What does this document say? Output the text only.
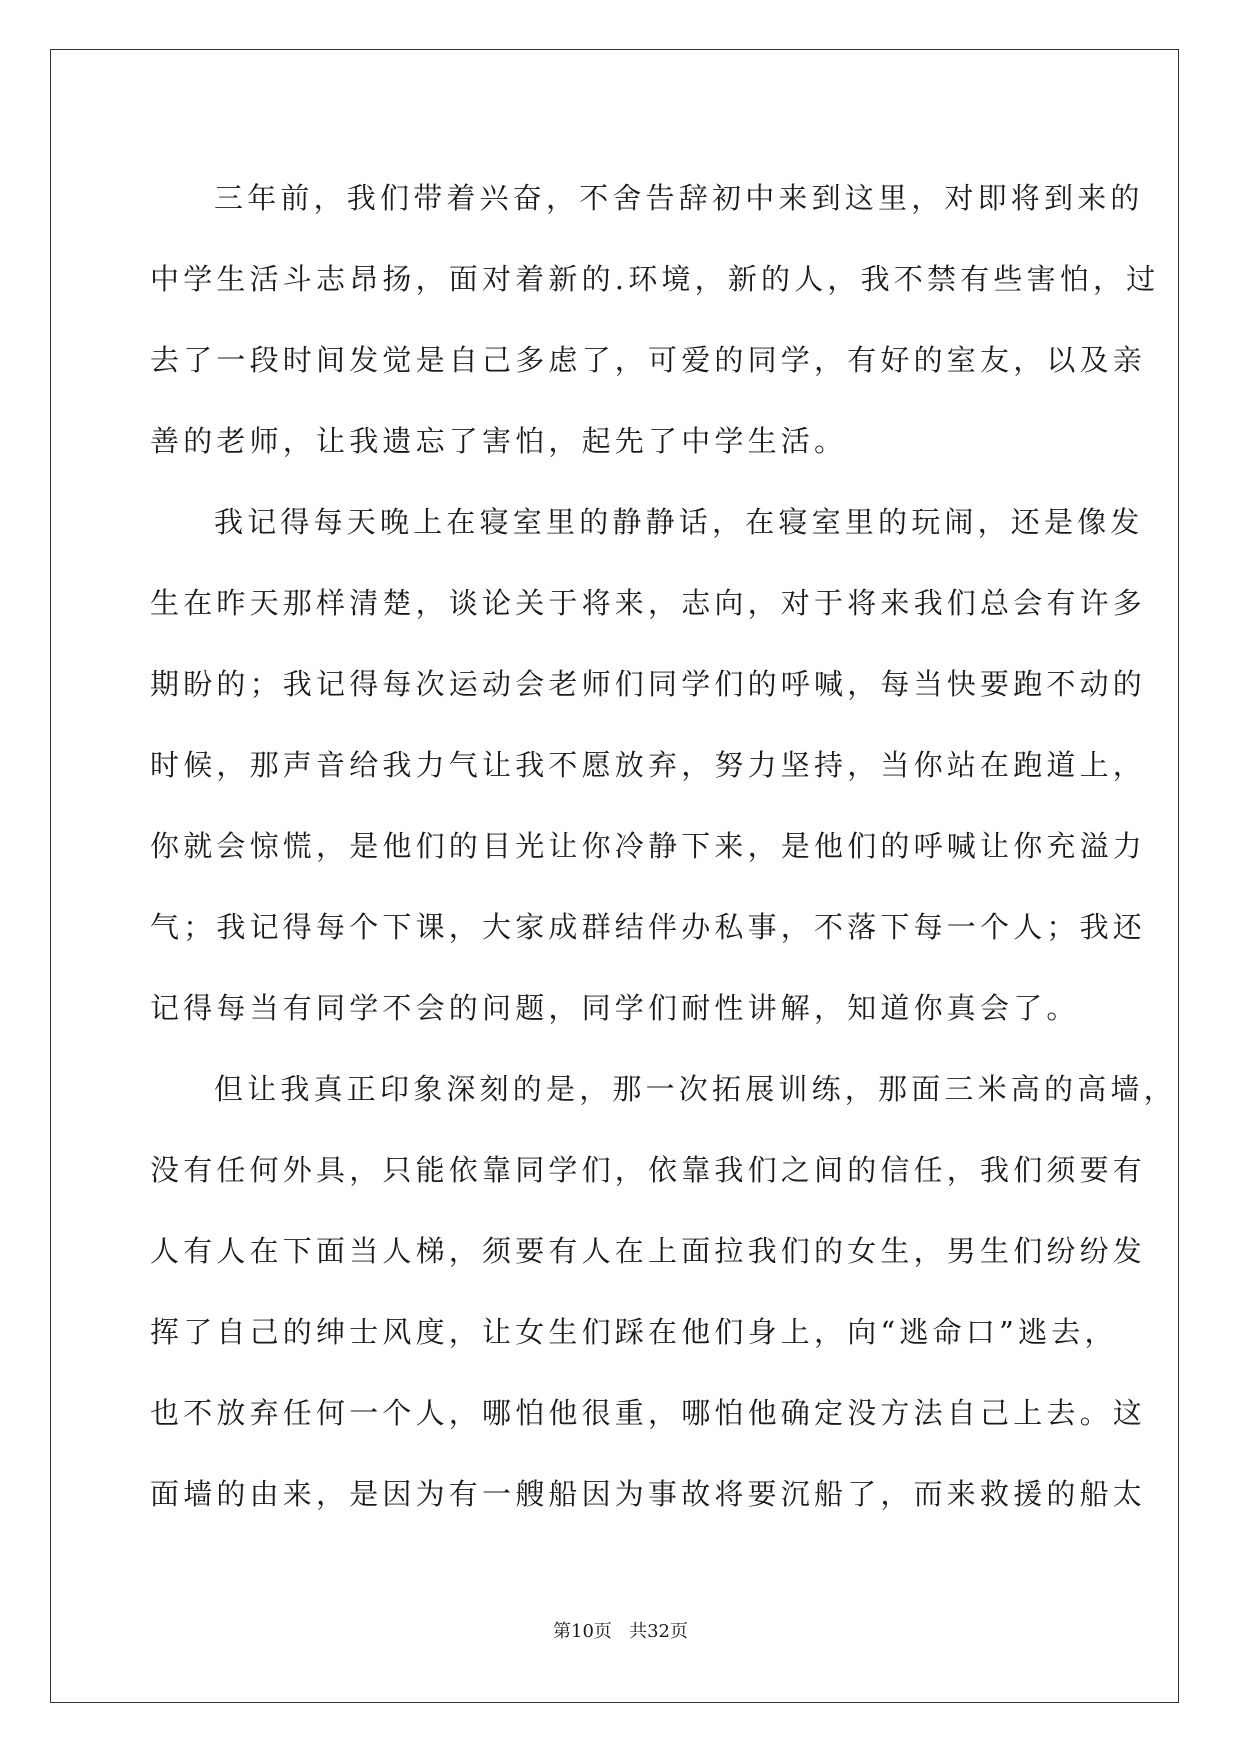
三年前，我们带着兴奋，不舍告辞初中来到这里，对即将到来的
中学生活斗志昂扬，面对着新的.环境，新的人，我不禁有些害怕，过
去了一段时间发觉是自己多虑了，可爱的同学，有好的室友，以及亲
善的老师，让我遗忘了害怕，起先了中学生活。
我记得每天晚上在寝室里的静静话，在寝室里的玩闹，还是像发
生在昨天那样清楚，谈论关于将来，志向，对于将来我们总会有许多
期盼的；我记得每次运动会老师们同学们的呼喊，每当快要跑不动的
时候，那声音给我力气让我不愿放弃，努力坚持，当你站在跑道上，
你就会惊慌，是他们的目光让你冷静下来，是他们的呼喊让你充溢力
气；我记得每个下课，大家成群结伴办私事，不落下每一个人；我还
记得每当有同学不会的问题，同学们耐性讲解，知道你真会了。
但让我真正印象深刻的是，那一次拓展训练，那面三米高的高墙，
没有任何外具，只能依靠同学们，依靠我们之间的信任，我们须要有
人有人在下面当人梯，须要有人在上面拉我们的女生，男生们纷纷发
挥了自己的绅士风度，让女生们踩在他们身上，向“逃命口”逃去，
也不放弃任何一个人，哪怕他很重，哪怕他确定没方法自己上去。这
面墙的由来，是因为有一艘船因为事故将要沉船了，而来救援的船太
第10页 共32页
